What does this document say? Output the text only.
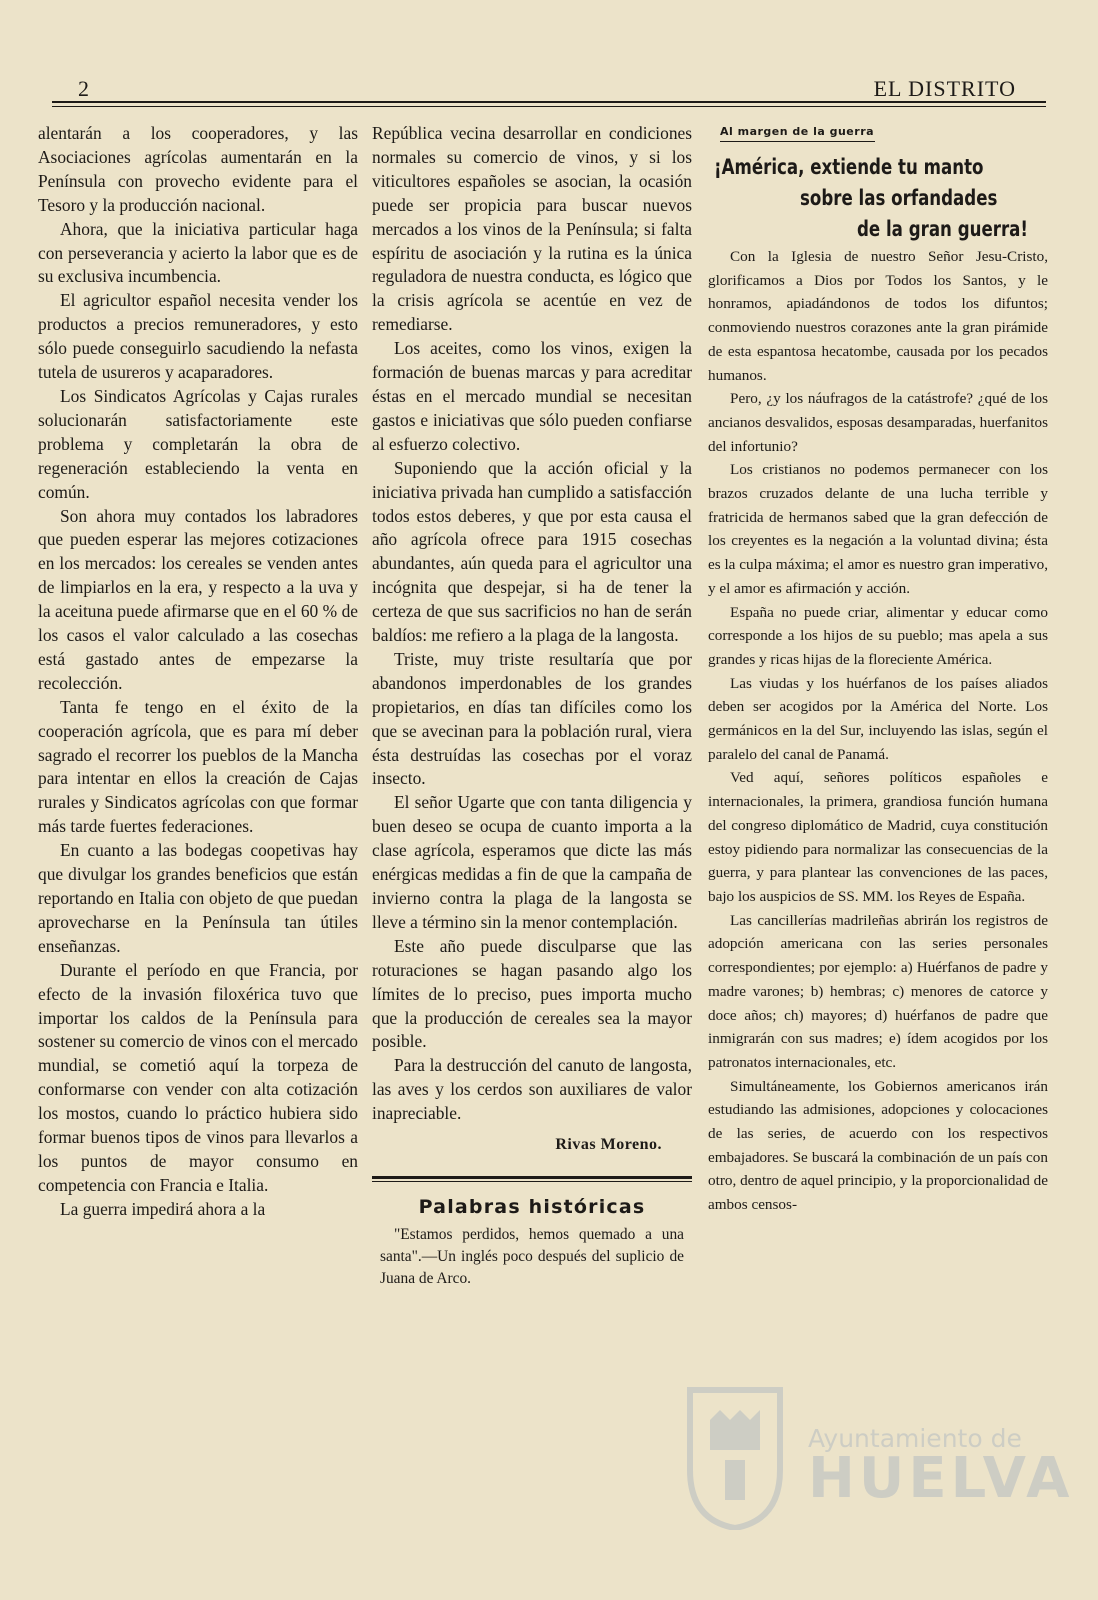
2	EL DISTRITO

alentarán a los cooperadores, y las Asociaciones agrícolas aumentarán en la Península con provecho evidente para el Tesoro y la producción nacional.

Ahora, que la iniciativa particular haga con perseverancia y acierto la labor que es de su exclusiva incumbencia.

El agricultor español necesita vender los productos a precios remuneradores, y esto sólo puede conseguirlo sacudiendo la nefasta tutela de usureros y acaparadores.

Los Sindicatos Agrícolas y Cajas rurales solucionarán satisfactoriamente este problema y completarán la obra de regeneración estableciendo la venta en común.

Son ahora muy contados los labradores que pueden esperar las mejores cotizaciones en los mercados: los cereales se venden antes de limpiarlos en la era, y respecto a la uva y la aceituna puede afirmarse que en el 60 % de los casos el valor calculado a las cosechas está gastado antes de empezarse la recolección.

Tanta fe tengo en el éxito de la cooperación agrícola, que es para mí deber sagrado el recorrer los pueblos de la Mancha para intentar en ellos la creación de Cajas rurales y Sindicatos agrícolas con que formar más tarde fuertes federaciones.

En cuanto a las bodegas coopetivas hay que divulgar los grandes beneficios que están reportando en Italia con objeto de que puedan aprovecharse en la Península tan útiles enseñanzas.

Durante el período en que Francia, por efecto de la invasión filoxérica tuvo que importar los caldos de la Península para sostener su comercio de vinos con el mercado mundial, se cometió aquí la torpeza de conformarse con vender con alta cotización los mostos, cuando lo práctico hubiera sido formar buenos tipos de vinos para llevarlos a los puntos de mayor consumo en competencia con Francia e Italia.

La guerra impedirá ahora a la

República vecina desarrollar en condiciones normales su comercio de vinos, y si los viticultores españoles se asocian, la ocasión puede ser propicia para buscar nuevos mercados a los vinos de la Península; si falta espíritu de asociación y la rutina es la única reguladora de nuestra conducta, es lógico que la crisis agrícola se acentúe en vez de remediarse.

Los aceites, como los vinos, exigen la formación de buenas marcas y para acreditar éstas en el mercado mundial se necesitan gastos e iniciativas que sólo pueden confiarse al esfuerzo colectivo.

Suponiendo que la acción oficial y la iniciativa privada han cumplido a satisfacción todos estos deberes, y que por esta causa el año agrícola ofrece para 1915 cosechas abundantes, aún queda para el agricultor una incógnita que despejar, si ha de tener la certeza de que sus sacrificios no han de serán baldíos: me refiero a la plaga de la langosta.

Triste, muy triste resultaría que por abandonos imperdonables de los grandes propietarios, en días tan difíciles como los que se avecinan para la población rural, viera ésta destruídas las cosechas por el voraz insecto.

El señor Ugarte que con tanta diligencia y buen deseo se ocupa de cuanto importa a la clase agrícola, esperamos que dicte las más enérgicas medidas a fin de que la campaña de invierno contra la plaga de la langosta se lleve a término sin la menor contemplación.

Este año puede disculparse que las roturaciones se hagan pasando algo los límites de lo preciso, pues importa mucho que la producción de cereales sea la mayor posible.

Para la destrucción del canuto de langosta, las aves y los cerdos son auxiliares de valor inapreciable.

Rivas Moreno.
Palabras históricas

"Estamos perdidos, hemos quemado a una santa".—Un inglés poco después del suplicio de Juana de Arco.

Al margen de la guerra
¡América, extiende tu manto
sobre las orfandades
de la gran guerra!

Con la Iglesia de nuestro Señor Jesu-Cristo, glorificamos a Dios por Todos los Santos, y le honramos, apiadándonos de todos los difuntos; conmoviendo nuestros corazones ante la gran pirámide de esta espantosa hecatombe, causada por los pecados humanos.

Pero, ¿y los náufragos de la catástrofe? ¿qué de los ancianos desvalidos, esposas desamparadas, huerfanitos del infortunio?

Los cristianos no podemos permanecer con los brazos cruzados delante de una lucha terrible y fratricida de hermanos sabed que la gran defección de los creyentes es la negación a la voluntad divina; ésta es la culpa máxima; el amor es nuestro gran imperativo, y el amor es afirmación y acción.

España no puede criar, alimentar y educar como corresponde a los hijos de su pueblo; mas apela a sus grandes y ricas hijas de la floreciente América.

Las viudas y los huérfanos de los países aliados deben ser acogidos por la América del Norte. Los germánicos en la del Sur, incluyendo las islas, según el paralelo del canal de Panamá.

Ved aquí, señores políticos españoles e internacionales, la primera, grandiosa función humana del congreso diplomático de Madrid, cuya constitución estoy pidiendo para normalizar las consecuencias de la guerra, y para plantear las convenciones de las paces, bajo los auspicios de SS. MM. los Reyes de España.

Las cancillerías madrileñas abrirán los registros de adopción americana con las series personales correspondientes; por ejemplo: a) Huérfanos de padre y madre varones; b) hembras; c) menores de catorce y doce años; ch) mayores; d) huérfanos de padre que inmigrarán con sus madres; e) ídem acogidos por los patronatos internacionales, etc.

Simultáneamente, los Gobiernos americanos irán estudiando las admisiones, adopciones y colocaciones de las series, de acuerdo con los respectivos embajadores. Se buscará la combinación de un país con otro, dentro de aquel principio, y la proporcionalidad de ambos censos-

Ayuntamiento de
HUELVA
